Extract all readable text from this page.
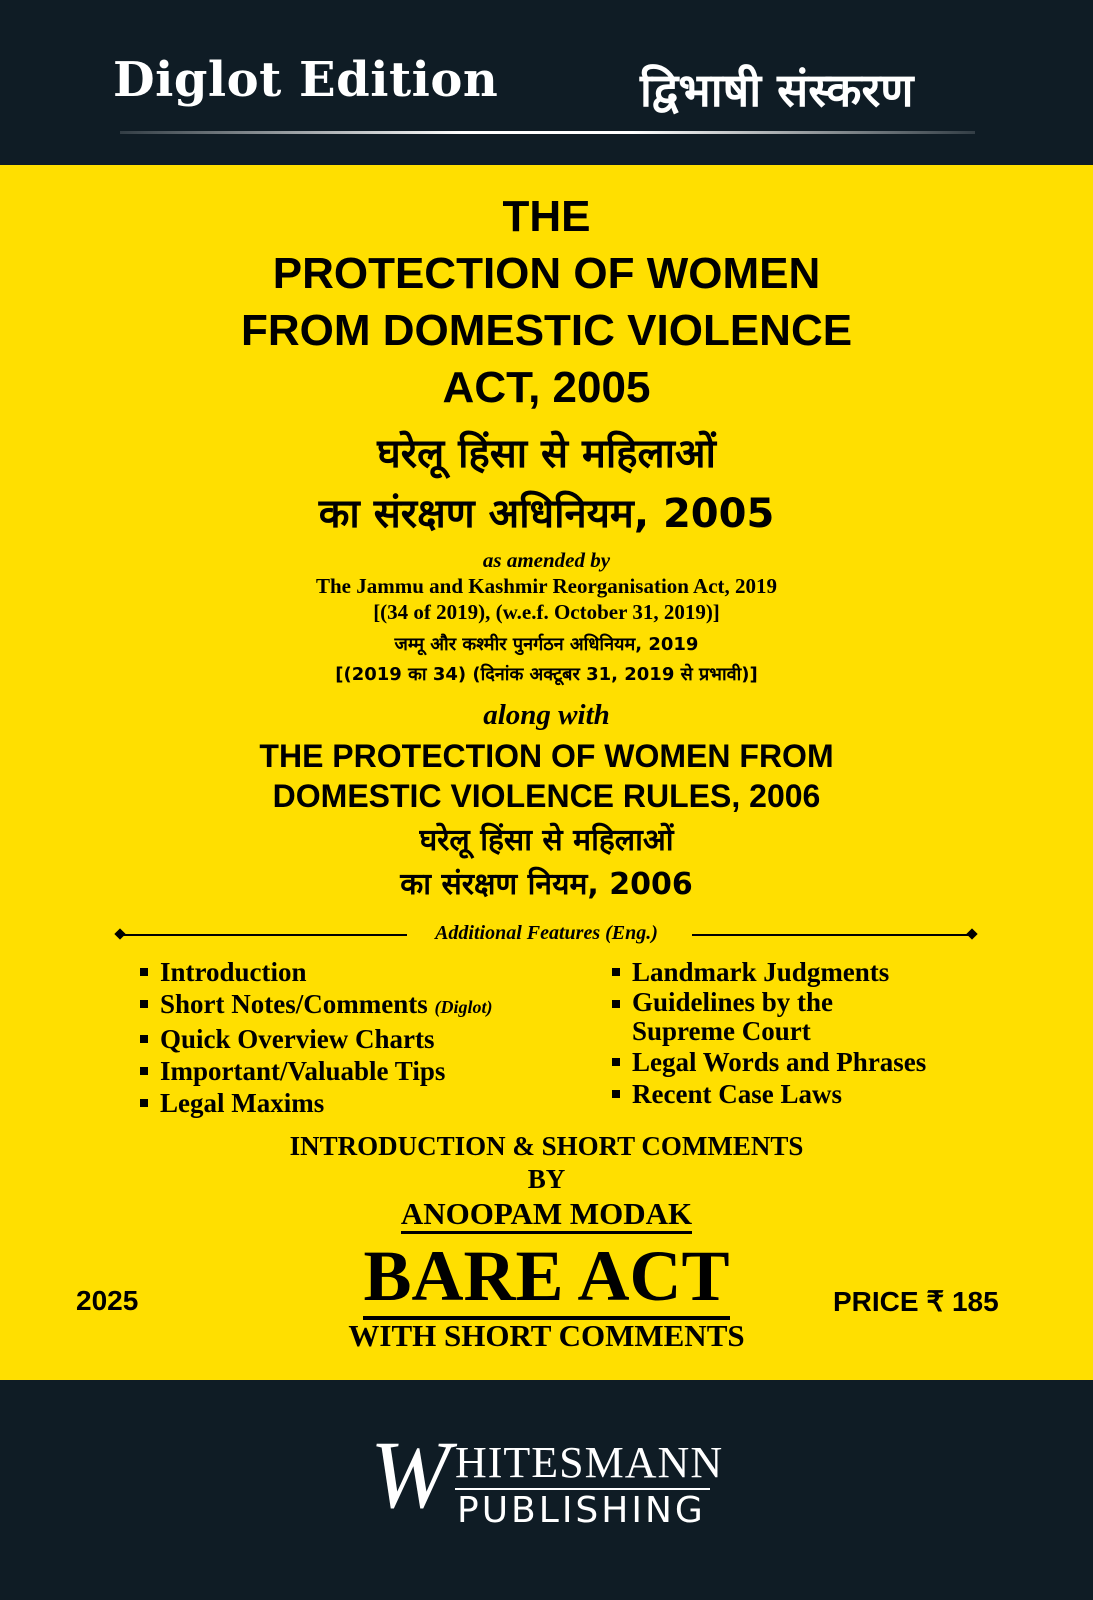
Diglot Edition	द्विभाषी संस्करण
THE
PROTECTION OF WOMEN
FROM DOMESTIC VIOLENCE
ACT, 2005
घरेलू हिंसा से महिलाओं
का संरक्षण अधिनियम, 2005
as amended by
The Jammu and Kashmir Reorganisation Act, 2019
[(34 of 2019), (w.e.f. October 31, 2019)]
जम्मू और कश्मीर पुनर्गठन अधिनियम, 2019
[(2019 का 34) (दिनांक अक्टूबर 31, 2019 से प्रभावी)]
along with
THE PROTECTION OF WOMEN FROM
DOMESTIC VIOLENCE RULES, 2006
घरेलू हिंसा से महिलाओं
का संरक्षण नियम, 2006
Additional Features (Eng.)
Introduction
Short Notes/Comments (Diglot)
Quick Overview Charts
Important/Valuable Tips
Legal Maxims
Landmark Judgments
Guidelines by the
Supreme Court
Legal Words and Phrases
Recent Case Laws
INTRODUCTION & SHORT COMMENTS
BY
ANOOPAM MODAK
2025	BARE ACT	PRICE ₹ 185
WITH SHORT COMMENTS
W HITESMANN
PUBLISHING
